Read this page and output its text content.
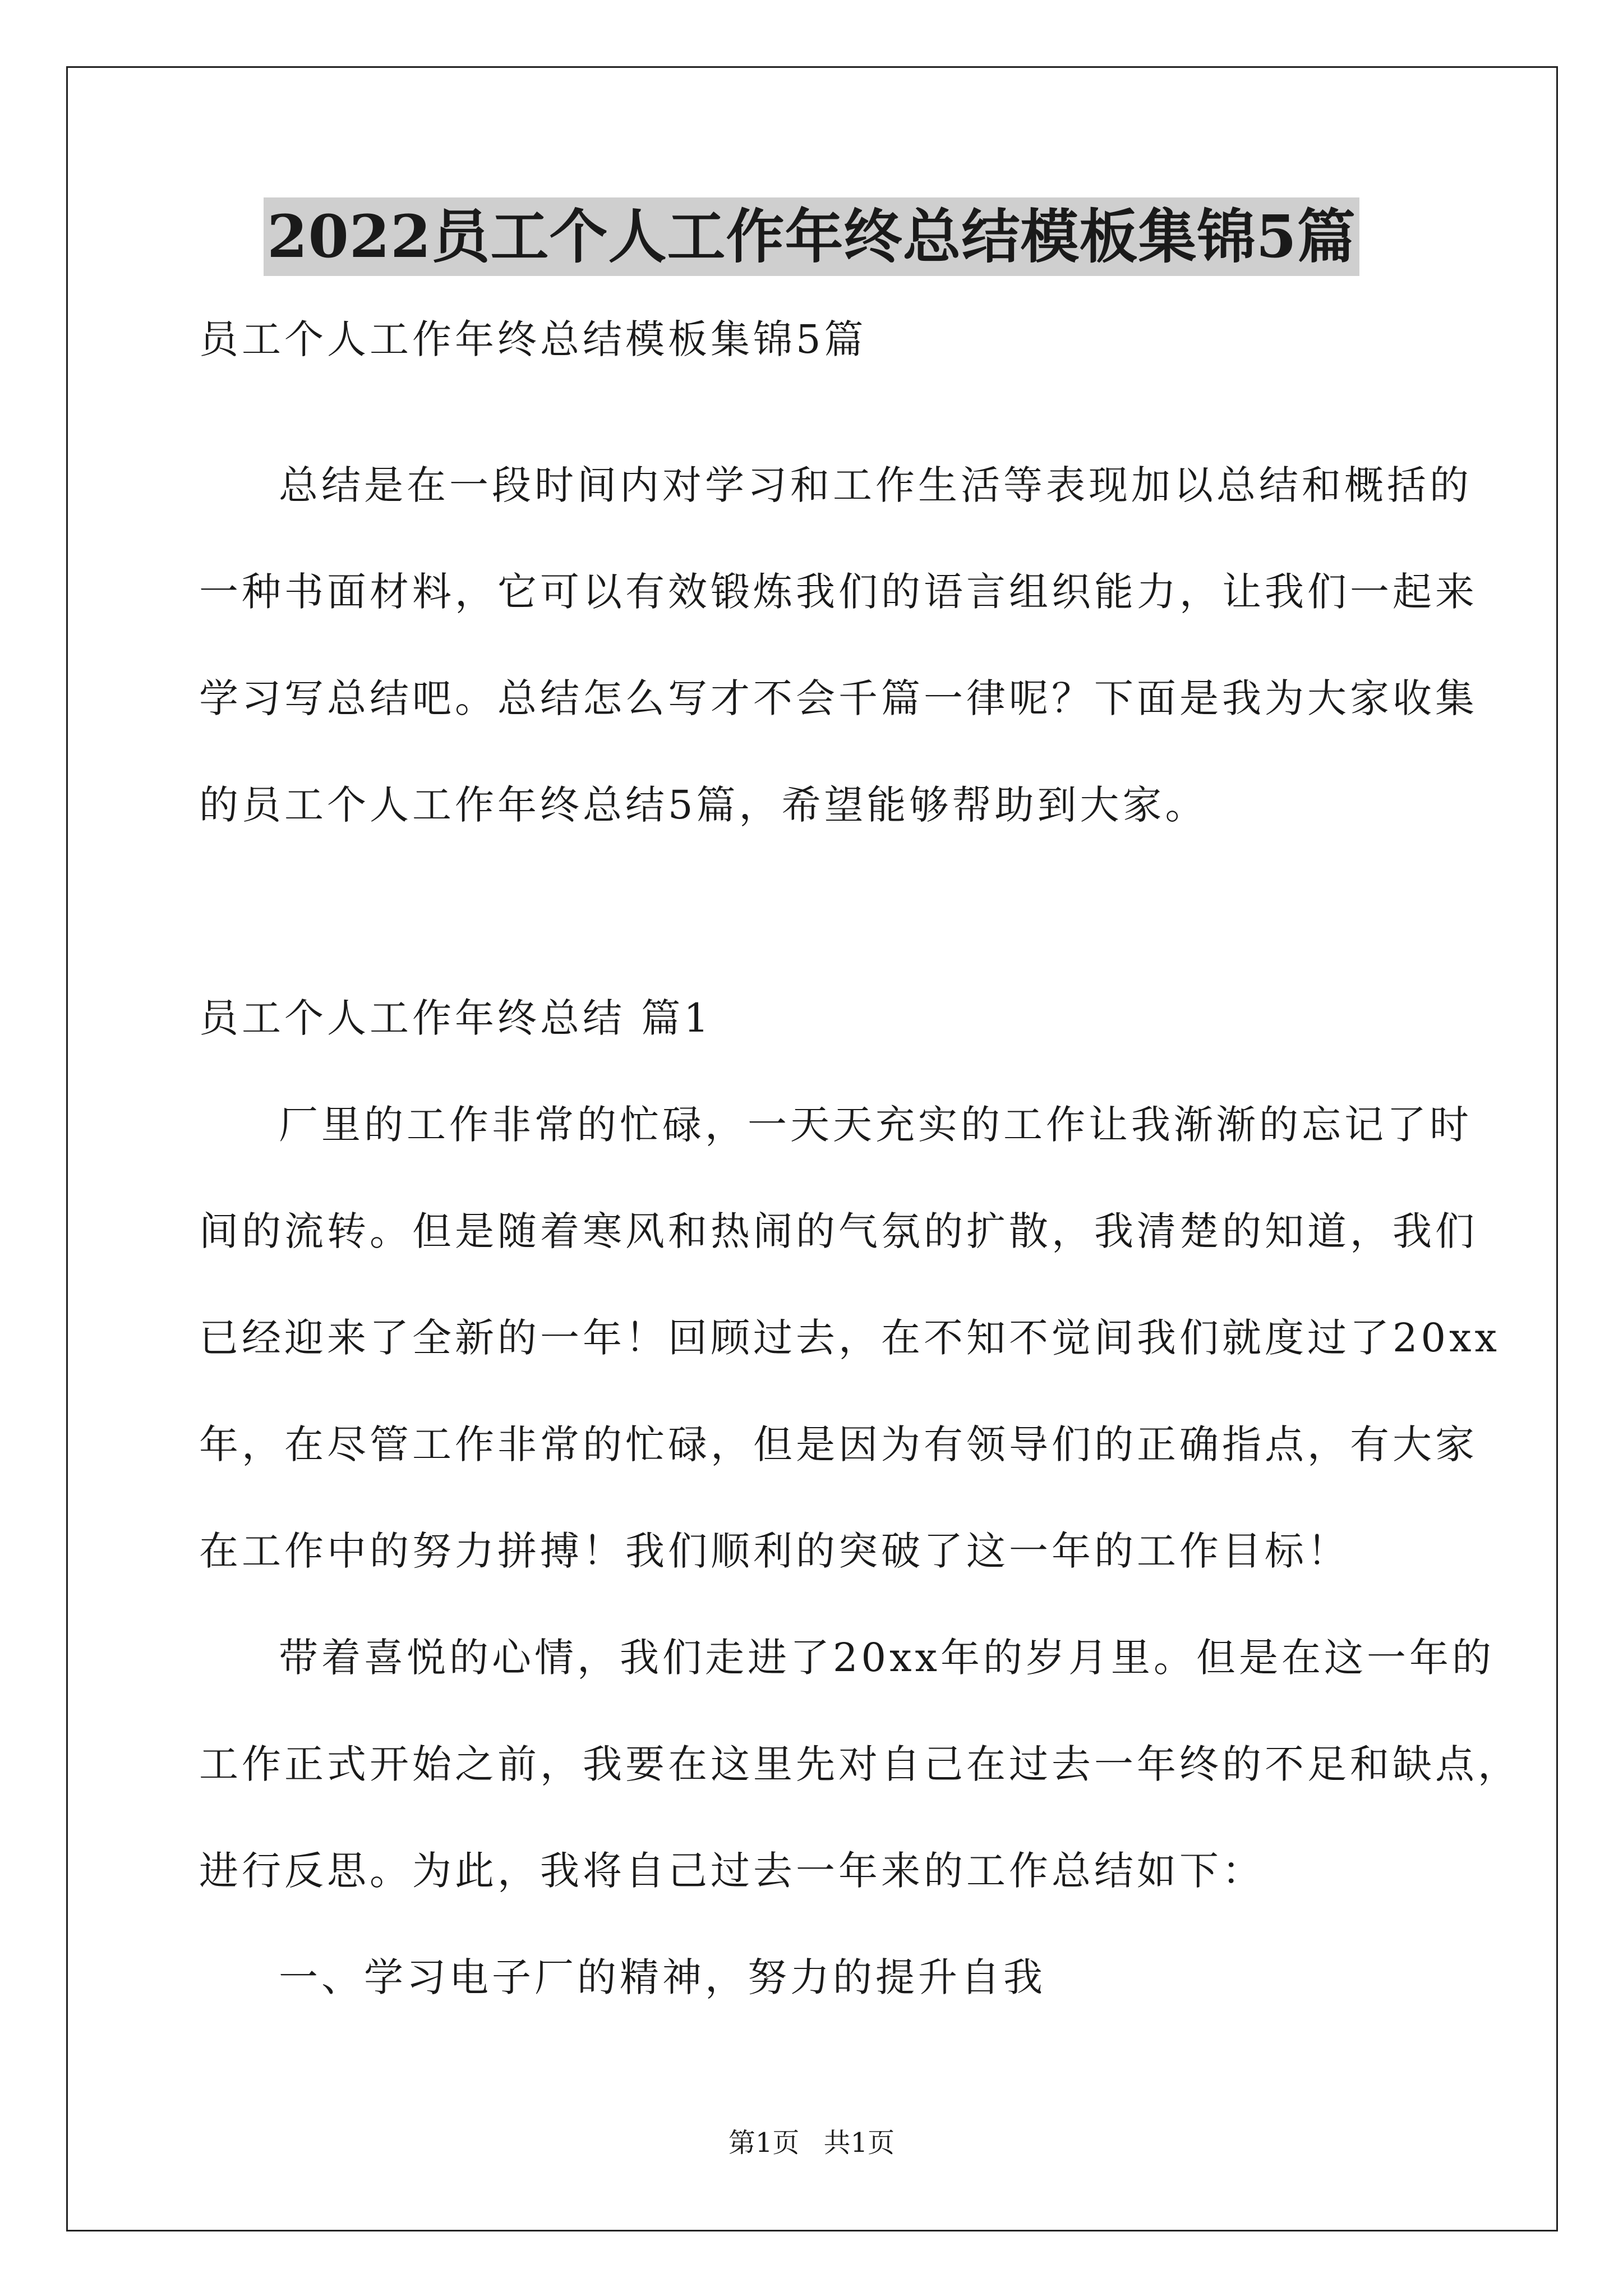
2022员工个人工作年终总结模板集锦5篇
员工个人工作年终总结模板集锦5篇
总结是在一段时间内对学习和工作生活等表现加以总结和概括的
一种书面材料，它可以有效锻炼我们的语言组织能力，让我们一起来
学习写总结吧。总结怎么写才不会千篇一律呢？下面是我为大家收集
的员工个人工作年终总结5篇，希望能够帮助到大家。
员工个人工作年终总结 篇1
厂里的工作非常的忙碌，一天天充实的工作让我渐渐的忘记了时
间的流转。但是随着寒风和热闹的气氛的扩散，我清楚的知道，我们
已经迎来了全新的一年！回顾过去，在不知不觉间我们就度过了20xx
年，在尽管工作非常的忙碌，但是因为有领导们的正确指点，有大家
在工作中的努力拼搏！我们顺利的突破了这一年的工作目标！
带着喜悦的心情，我们走进了20xx年的岁月里。但是在这一年的
工作正式开始之前，我要在这里先对自己在过去一年终的不足和缺点，
进行反思。为此，我将自己过去一年来的工作总结如下：
一、学习电子厂的精神，努力的提升自我
第1页 共1页
